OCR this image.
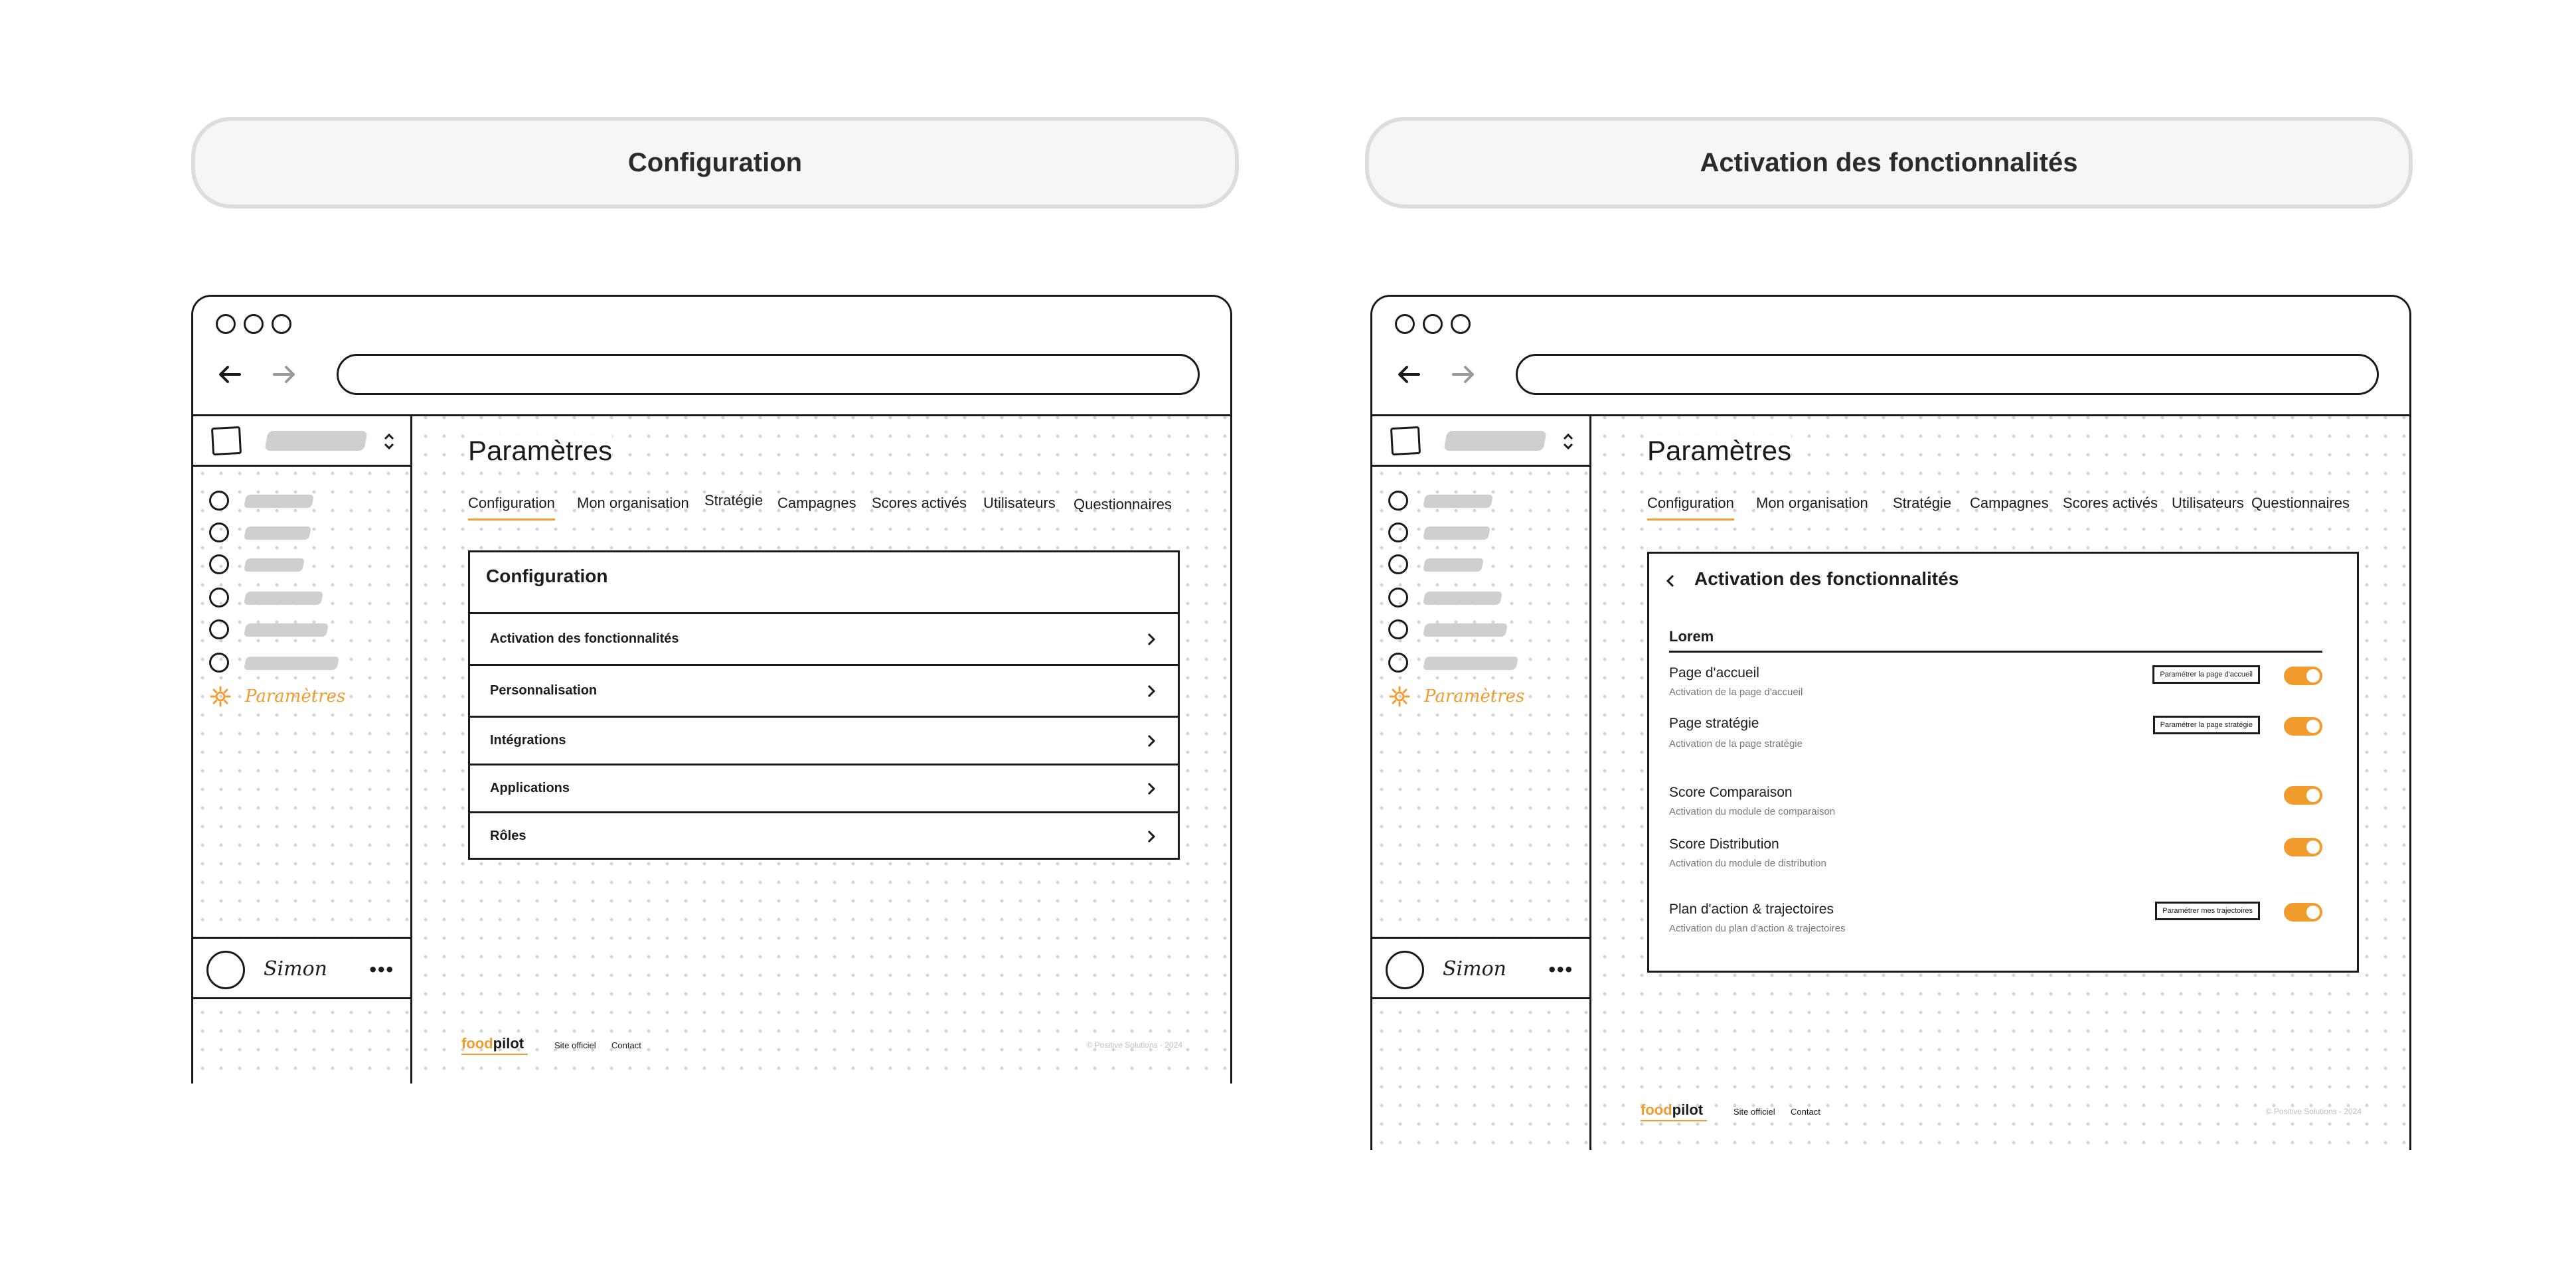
Configuration	Activation des fonctionnalités
Paramètres
Simon •••
Paramètres
Configuration Mon organisation Stratégie Campagnes Scores activés Utilisateurs Questionnaires
Configuration
Activation des fonctionnalités
Personnalisation
Intégrations
Applications
Rôles
foodpilot	Site officiel Contact	© Positive Solutions - 2024
Paramètres
Simon •••
Paramètres
Configuration Mon organisation Stratégie Campagnes Scores activés Utilisateurs Questionnaires
Activation des fonctionnalités
Lorem
Page d'accueil
Activation de la page d'accueil
Paramétrer la page d'accueil
Page stratégie
Activation de la page stratégie
Paramétrer la page stratégie
Score Comparaison
Activation du module de comparaison
Score Distribution
Activation du module de distribution
Plan d'action & trajectoires
Activation du plan d'action & trajectoires
Paramétrer mes trajectoires
foodpilot	Site officiel Contact	© Positive Solutions - 2024
